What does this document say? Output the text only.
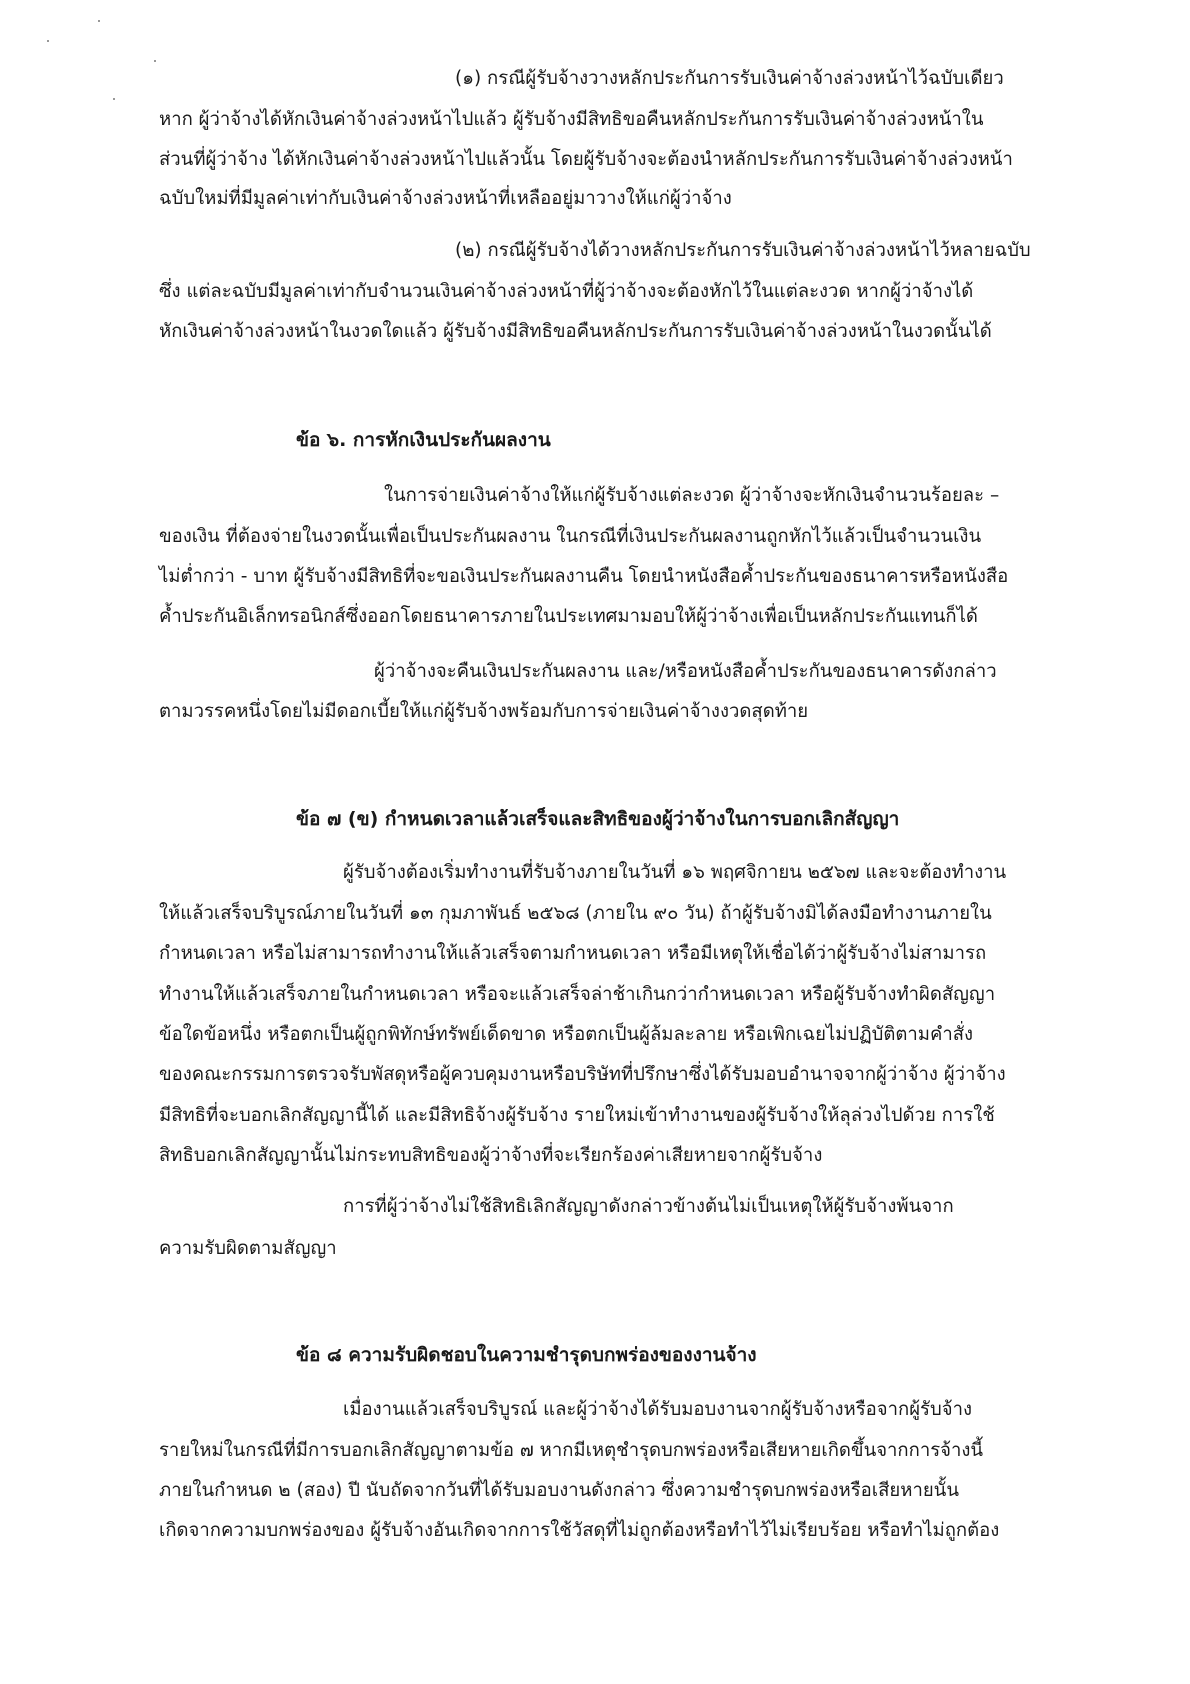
(๑) กรณีผู้รับจ้างวางหลักประกันการรับเงินค่าจ้างล่วงหน้าไว้ฉบับเดียว
หาก ผู้ว่าจ้างได้หักเงินค่าจ้างล่วงหน้าไปแล้ว ผู้รับจ้างมีสิทธิขอคืนหลักประกันการรับเงินค่าจ้างล่วงหน้าใน
ส่วนที่ผู้ว่าจ้าง ได้หักเงินค่าจ้างล่วงหน้าไปแล้วนั้น โดยผู้รับจ้างจะต้องนำหลักประกันการรับเงินค่าจ้างล่วงหน้า
ฉบับใหม่ที่มีมูลค่าเท่ากับเงินค่าจ้างล่วงหน้าที่เหลืออยู่มาวางให้แก่ผู้ว่าจ้าง
(๒) กรณีผู้รับจ้างได้วางหลักประกันการรับเงินค่าจ้างล่วงหน้าไว้หลายฉบับ
ซึ่ง แต่ละฉบับมีมูลค่าเท่ากับจำนวนเงินค่าจ้างล่วงหน้าที่ผู้ว่าจ้างจะต้องหักไว้ในแต่ละงวด หากผู้ว่าจ้างได้
หักเงินค่าจ้างล่วงหน้าในงวดใดแล้ว ผู้รับจ้างมีสิทธิขอคืนหลักประกันการรับเงินค่าจ้างล่วงหน้าในงวดนั้นได้
ข้อ ๖. การหักเงินประกันผลงาน
ในการจ่ายเงินค่าจ้างให้แก่ผู้รับจ้างแต่ละงวด ผู้ว่าจ้างจะหักเงินจำนวนร้อยละ –
ของเงิน ที่ต้องจ่ายในงวดนั้นเพื่อเป็นประกันผลงาน ในกรณีที่เงินประกันผลงานถูกหักไว้แล้วเป็นจำนวนเงิน
ไม่ต่ำกว่า - บาท ผู้รับจ้างมีสิทธิที่จะขอเงินประกันผลงานคืน โดยนำหนังสือค้ำประกันของธนาคารหรือหนังสือ
ค้ำประกันอิเล็กทรอนิกส์ซึ่งออกโดยธนาคารภายในประเทศมามอบให้ผู้ว่าจ้างเพื่อเป็นหลักประกันแทนก็ได้
ผู้ว่าจ้างจะคืนเงินประกันผลงาน และ/หรือหนังสือค้ำประกันของธนาคารดังกล่าว
ตามวรรคหนึ่งโดยไม่มีดอกเบี้ยให้แก่ผู้รับจ้างพร้อมกับการจ่ายเงินค่าจ้างงวดสุดท้าย
ข้อ ๗ (ข) กำหนดเวลาแล้วเสร็จและสิทธิของผู้ว่าจ้างในการบอกเลิกสัญญา
ผู้รับจ้างต้องเริ่มทำงานที่รับจ้างภายในวันที่ ๑๖ พฤศจิกายน ๒๕๖๗ และจะต้องทำงาน
ให้แล้วเสร็จบริบูรณ์ภายในวันที่ ๑๓ กุมภาพันธ์ ๒๕๖๘ (ภายใน ๙๐ วัน) ถ้าผู้รับจ้างมิได้ลงมือทำงานภายใน
กำหนดเวลา หรือไม่สามารถทำงานให้แล้วเสร็จตามกำหนดเวลา หรือมีเหตุให้เชื่อได้ว่าผู้รับจ้างไม่สามารถ
ทำงานให้แล้วเสร็จภายในกำหนดเวลา หรือจะแล้วเสร็จล่าช้าเกินกว่ากำหนดเวลา หรือผู้รับจ้างทำผิดสัญญา
ข้อใดข้อหนึ่ง หรือตกเป็นผู้ถูกพิทักษ์ทรัพย์เด็ดขาด หรือตกเป็นผู้ล้มละลาย หรือเพิกเฉยไม่ปฏิบัติตามคำสั่ง
ของคณะกรรมการตรวจรับพัสดุหรือผู้ควบคุมงานหรือบริษัทที่ปรึกษาซึ่งได้รับมอบอำนาจจากผู้ว่าจ้าง ผู้ว่าจ้าง
มีสิทธิที่จะบอกเลิกสัญญานี้ได้ และมีสิทธิจ้างผู้รับจ้าง รายใหม่เข้าทำงานของผู้รับจ้างให้ลุล่วงไปด้วย การใช้
สิทธิบอกเลิกสัญญานั้นไม่กระทบสิทธิของผู้ว่าจ้างที่จะเรียกร้องค่าเสียหายจากผู้รับจ้าง
การที่ผู้ว่าจ้างไม่ใช้สิทธิเลิกสัญญาดังกล่าวข้างต้นไม่เป็นเหตุให้ผู้รับจ้างพ้นจาก
ความรับผิดตามสัญญา
ข้อ ๘ ความรับผิดชอบในความชำรุดบกพร่องของงานจ้าง
เมื่องานแล้วเสร็จบริบูรณ์ และผู้ว่าจ้างได้รับมอบงานจากผู้รับจ้างหรือจากผู้รับจ้าง
รายใหม่ในกรณีที่มีการบอกเลิกสัญญาตามข้อ ๗ หากมีเหตุชำรุดบกพร่องหรือเสียหายเกิดขึ้นจากการจ้างนี้
ภายในกำหนด ๒ (สอง) ปี นับถัดจากวันที่ได้รับมอบงานดังกล่าว ซึ่งความชำรุดบกพร่องหรือเสียหายนั้น
เกิดจากความบกพร่องของ ผู้รับจ้างอันเกิดจากการใช้วัสดุที่ไม่ถูกต้องหรือทำไว้ไม่เรียบร้อย หรือทำไม่ถูกต้อง
